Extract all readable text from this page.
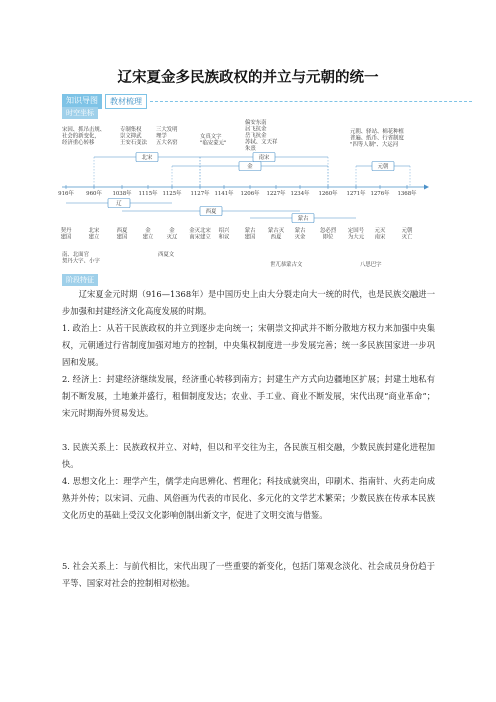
辽宋夏金多民族政权的并立与元朝的统一
知识导图	教材梳理
时空坐标
916年 960年 1038年 1115年 1125年 1127年 1141年 1206年 1227年 1234年 1260年 1271年 1276年 1368年
北宋
金
南宋
元朝
辽
西夏
蒙古
契丹
建国
北宋
建立
西夏
建国
金
建立
金
灭辽
金灭北宋
南宋建立
绍兴
和议
蒙古
建国
蒙古灭
西夏
蒙古
灭金
忽必烈
即位
定国号
为大元
元灭
南宋
元朝
灭亡
宋因、抓吊击规、
社会的新变化，
经济重心转移
专制集权
崇文抑武
王安石变法
三大发明
理学
五大名窑
女真文字
"临安蒙元"
偏安东南
居飞抗金
岳飞抗金
苏轼、文天祥
朱熹
元朝、驿站、棉花种植
普遍、纸币、行省制度
"四等人制"、大运河
南、北面官
契丹大字、小字
西夏文
世兀恭蒙古文	八思巴字
阶段特征
辽宋夏金元时期（916—1368年）是中国历史上由大分裂走向大一统的时代，也是民族交融进一步加强和封建经济文化高度发展的时期。
1. 政治上：从若干民族政权的并立到逐步走向统一；宋朝崇文抑武并不断分散地方权力来加强中央集权，元朝通过行省制度加强对地方的控制，中央集权制度进一步发展完善；统一多民族国家进一步巩固和发展。
2. 经济上：封建经济继续发展，经济重心转移到南方；封建生产方式向边疆地区扩展；封建土地私有制不断发展，土地兼并盛行，租佃制度发达；农业、手工业、商业不断发展，宋代出现“商业革命”；宋元时期海外贸易发达。
3. 民族关系上：民族政权并立、对峙，但以和平交往为主，各民族互相交融，少数民族封建化进程加快。
4. 思想文化上：理学产生，儒学走向思辨化、哲理化；科技成就突出，印刷术、指南针、火药走向成熟并外传；以宋词、元曲、风俗画为代表的市民化、多元化的文学艺术繁荣；少数民族在传承本民族文化历史的基础上受汉文化影响创制出新文字，促进了文明交流与借鉴。
5. 社会关系上：与前代相比，宋代出现了一些重要的新变化，包括门第观念淡化、社会成员身份趋于平等、国家对社会的控制相对松弛。
